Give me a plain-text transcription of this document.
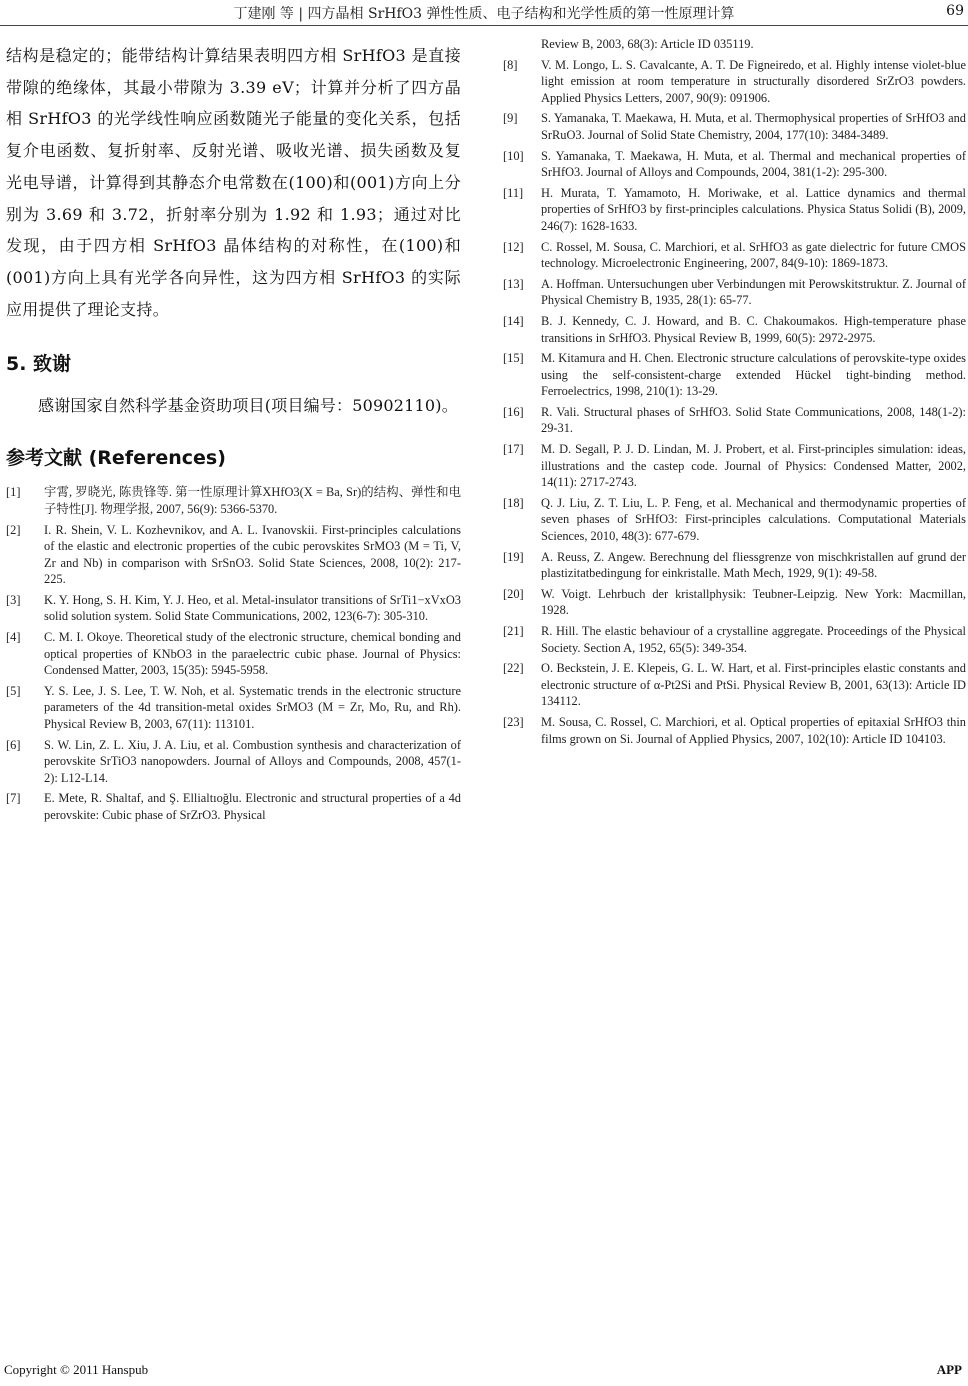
丁建刚 等 | 四方晶相 SrHfO3 弹性性质、电子结构和光学性质的第一性原理计算	69

结构是稳定的；能带结构计算结果表明四方相 SrHfO3 是直接带隙的绝缘体，其最小带隙为 3.39 eV；计算并分析了四方晶相 SrHfO3 的光学线性响应函数随光子能量的变化关系，包括复介电函数、复折射率、反射光谱、吸收光谱、损失函数及复光电导谱，计算得到其静态介电常数在(100)和(001)方向上分别为 3.69 和 3.72，折射率分别为 1.92 和 1.93；通过对比发现，由于四方相 SrHfO3 晶体结构的对称性，在(100)和(001)方向上具有光学各向异性，这为四方相 SrHfO3 的实际应用提供了理论支持。

5. 致谢

感谢国家自然科学基金资助项目(项目编号：50902110)。

参考文献 (References)
[1]	宇霄, 罗晓光, 陈贵锋等. 第一性原理计算XHfO3(X = Ba, Sr)的结构、弹性和电子特性[J]. 物理学报, 2007, 56(9): 5366-5370.
[2]	I. R. Shein, V. L. Kozhevnikov, and A. L. Ivanovskii. First-principles calculations of the elastic and electronic properties of the cubic perovskites SrMO3 (M = Ti, V, Zr and Nb) in comparison with SrSnO3. Solid State Sciences, 2008, 10(2): 217-225.
[3]	K. Y. Hong, S. H. Kim, Y. J. Heo, et al. Metal-insulator transitions of SrTi1−xVxO3 solid solution system. Solid State Communications, 2002, 123(6-7): 305-310.
[4]	C. M. I. Okoye. Theoretical study of the electronic structure, chemical bonding and optical properties of KNbO3 in the paraelectric cubic phase. Journal of Physics: Condensed Matter, 2003, 15(35): 5945-5958.
[5]	Y. S. Lee, J. S. Lee, T. W. Noh, et al. Systematic trends in the electronic structure parameters of the 4d transition-metal oxides SrMO3 (M = Zr, Mo, Ru, and Rh). Physical Review B, 2003, 67(11): 113101.
[6]	S. W. Lin, Z. L. Xiu, J. A. Liu, et al. Combustion synthesis and characterization of perovskite SrTiO3 nanopowders. Journal of Alloys and Compounds, 2008, 457(1-2): L12-L14.
[7]	E. Mete, R. Shaltaf, and Ş. Ellialtıoğlu. Electronic and structural properties of a 4d perovskite: Cubic phase of SrZrO3. Physical
Review B, 2003, 68(3): Article ID 035119.
[8]	V. M. Longo, L. S. Cavalcante, A. T. De Figneiredo, et al. Highly intense violet-blue light emission at room temperature in structurally disordered SrZrO3 powders. Applied Physics Letters, 2007, 90(9): 091906.
[9]	S. Yamanaka, T. Maekawa, H. Muta, et al. Thermophysical properties of SrHfO3 and SrRuO3. Journal of Solid State Chemistry, 2004, 177(10): 3484-3489.
[10]	S. Yamanaka, T. Maekawa, H. Muta, et al. Thermal and mechanical properties of SrHfO3. Journal of Alloys and Compounds, 2004, 381(1-2): 295-300.
[11]	H. Murata, T. Yamamoto, H. Moriwake, et al. Lattice dynamics and thermal properties of SrHfO3 by first-principles calculations. Physica Status Solidi (B), 2009, 246(7): 1628-1633.
[12]	C. Rossel, M. Sousa, C. Marchiori, et al. SrHfO3 as gate dielectric for future CMOS technology. Microelectronic Engineering, 2007, 84(9-10): 1869-1873.
[13]	A. Hoffman. Untersuchungen uber Verbindungen mit Perowskitstruktur. Z. Journal of Physical Chemistry B, 1935, 28(1): 65-77.
[14]	B. J. Kennedy, C. J. Howard, and B. C. Chakoumakos. High-temperature phase transitions in SrHfO3. Physical Review B, 1999, 60(5): 2972-2975.
[15]	M. Kitamura and H. Chen. Electronic structure calculations of perovskite-type oxides using the self-consistent-charge extended Hückel tight-binding method. Ferroelectrics, 1998, 210(1): 13-29.
[16]	R. Vali. Structural phases of SrHfO3. Solid State Communications, 2008, 148(1-2): 29-31.
[17]	M. D. Segall, P. J. D. Lindan, M. J. Probert, et al. First-principles simulation: ideas, illustrations and the castep code. Journal of Physics: Condensed Matter, 2002, 14(11): 2717-2743.
[18]	Q. J. Liu, Z. T. Liu, L. P. Feng, et al. Mechanical and thermodynamic properties of seven phases of SrHfO3: First-principles calculations. Computational Materials Sciences, 2010, 48(3): 677-679.
[19]	A. Reuss, Z. Angew. Berechnung del fliessgrenze von mischkristallen auf grund der plastizitatbedingung for einkristalle. Math Mech, 1929, 9(1): 49-58.
[20]	W. Voigt. Lehrbuch der kristallphysik: Teubner-Leipzig. New York: Macmillan, 1928.
[21]	R. Hill. The elastic behaviour of a crystalline aggregate. Proceedings of the Physical Society. Section A, 1952, 65(5): 349-354.
[22]	O. Beckstein, J. E. Klepeis, G. L. W. Hart, et al. First-principles elastic constants and electronic structure of α-Pt2Si and PtSi. Physical Review B, 2001, 63(13): Article ID 134112.
[23]	M. Sousa, C. Rossel, C. Marchiori, et al. Optical properties of epitaxial SrHfO3 thin films grown on Si. Journal of Applied Physics, 2007, 102(10): Article ID 104103.
Copyright © 2011 Hanspub	APP
